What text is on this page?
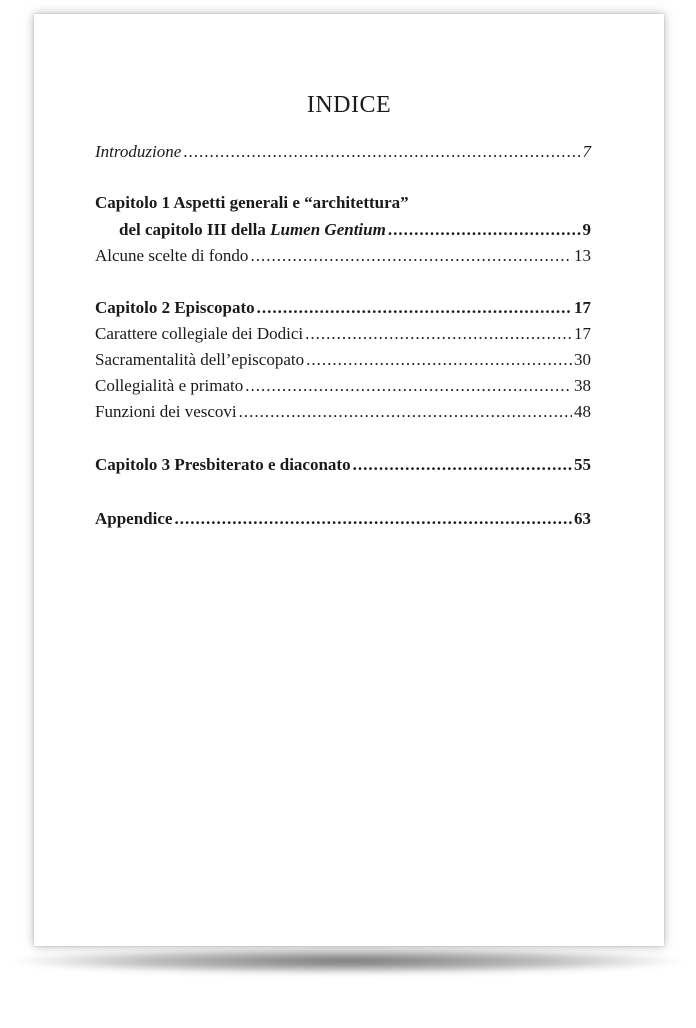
INDICE
Introduzione .....	7
Capitolo 1 Aspetti generali e “architettura”
del capitolo III della Lumen Gentium .....	9
Alcune scelte di fondo .....	13
Capitolo 2 Episcopato .....	17
Carattere collegiale dei Dodici .....	17
Sacramentalità dell’episcopato .....	30
Collegialità e primato .....	38
Funzioni dei vescovi .....	48
Capitolo 3 Presbiterato e diaconato .....	55
Appendice .....	63
